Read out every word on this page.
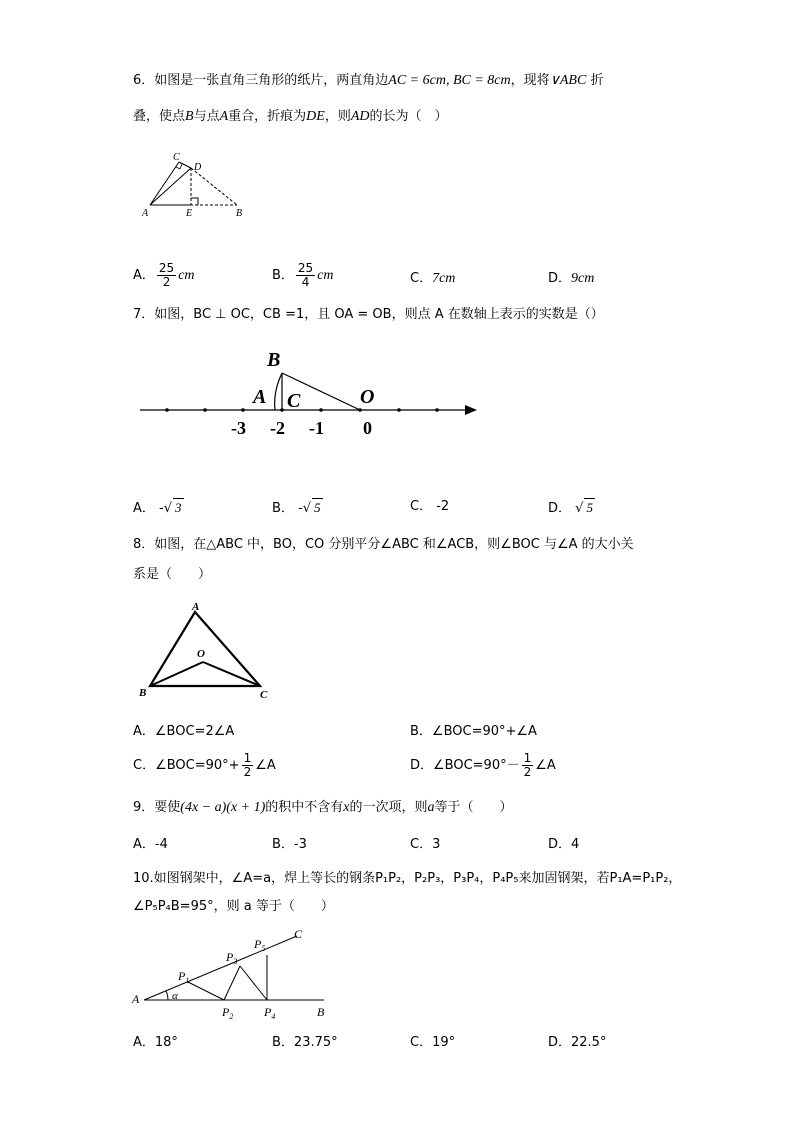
6．如图是一张直角三角形的纸片，两直角边AC = 6cm, BC = 8cm，现将∨ABC 折
叠，使点B与点A重合，折痕为DE，则AD的长为（　）
A
C
D
E	B
A． $\frac{25}{2}$ cm	B． $\frac{25}{4}$ cm	C．7cm	D．9cm
7．如图，BC ⊥ OC，CB =1，且 OA = OB，则点 A 在数轴上表示的实数是（）
B
A C	O
-3 -2 -1 0
A． -√ 3	B． -√ 5	C． -2	D． √ 5
8．如图，在△ABC 中，BO，CO 分别平分∠ABC 和∠ACB，则∠BOC 与∠A 的大小关
系是（　　）
A
O
B	C
A．∠BOC=2∠A	B．∠BOC=90°+∠A
C．∠BOC=90°+ $\frac{1}{2}$ ∠A	D．∠BOC=90°－ $\frac{1}{2}$ ∠A
9．要使(4x − a)(x + 1)的积中不含有x的一次项，则a等于（　　）
A．-4	B．-3	C．3	D．4
10.如图钢架中，∠A=a，焊上等长的钢条P₁P₂，P₂P₃，P₃P₄，P₄P₅来加固钢架，若P₁A=P₁P₂，
∠P₅P₄B=95°，则 a 等于（　　）
A	α
$P_1$
$P_2$
$P_3$
$P_4$
$P_5$
C
B
A．18°	B．23.75°	C．19°	D．22.5°
